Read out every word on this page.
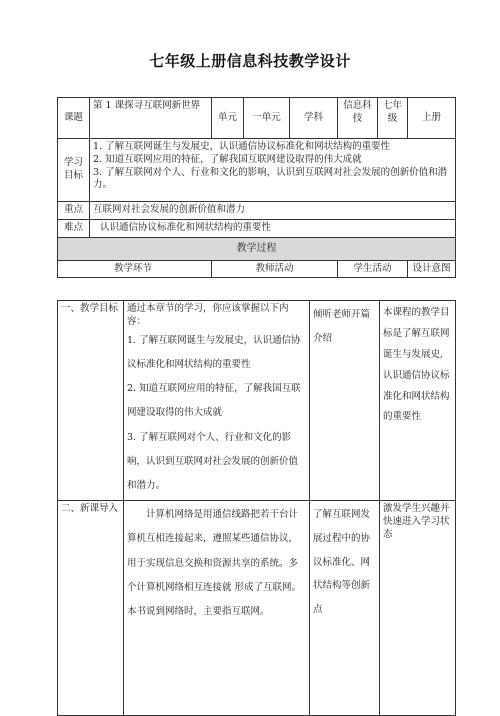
七年级上册信息科技教学设计
课题	第 1 课探寻互联网新世界	单元	一单元	学科	信息科技	七年级	上册
学习目标	1. 了解互联网诞生与发展史，认识通信协议标准化和网状结构的重要性

2. 知道互联网应用的特征，了解我国互联网建设取得的伟大成就

3. 了解互联网对个人、行业和文化的影响，认识到互联网对社会发展的创新价值和潜力。						

重点	互联网对社会发展的创新价值和潜力						
难点	认识通信协议标准化和网状结构的重要性						
教学过程							
教学环节		教师活动			学生活动		设计意图
一、教学目标	通过本章节的学习，你应该掌握以下内容：
1. 了解互联网诞生与发展史，认识通信协议标准化和网状结构的重要性
2. 知道互联网应用的特征，了解我国互联网建设取得的伟大成就
3. 了解互联网对个人、行业和文化的影响，认识到互联网对社会发展的创新价值和潜力。	倾听老师开篇介绍	本课程的教学目标是了解互联网诞生与发展史,认识通信协议标准化和网状结构的重要性
二、新课导入	计算机网络是用通信线路把若干台计算机互相连接起来，遵照某些通信协议，用于实现信息交换和资源共享的系统。多个计算机网络相互连接就 形成了互联网。本书说到网络时，主要指互联网。	了解互联网发展过程中的协议标准化、网状结构等创新点	激发学生兴趣并快速进入学习状态
